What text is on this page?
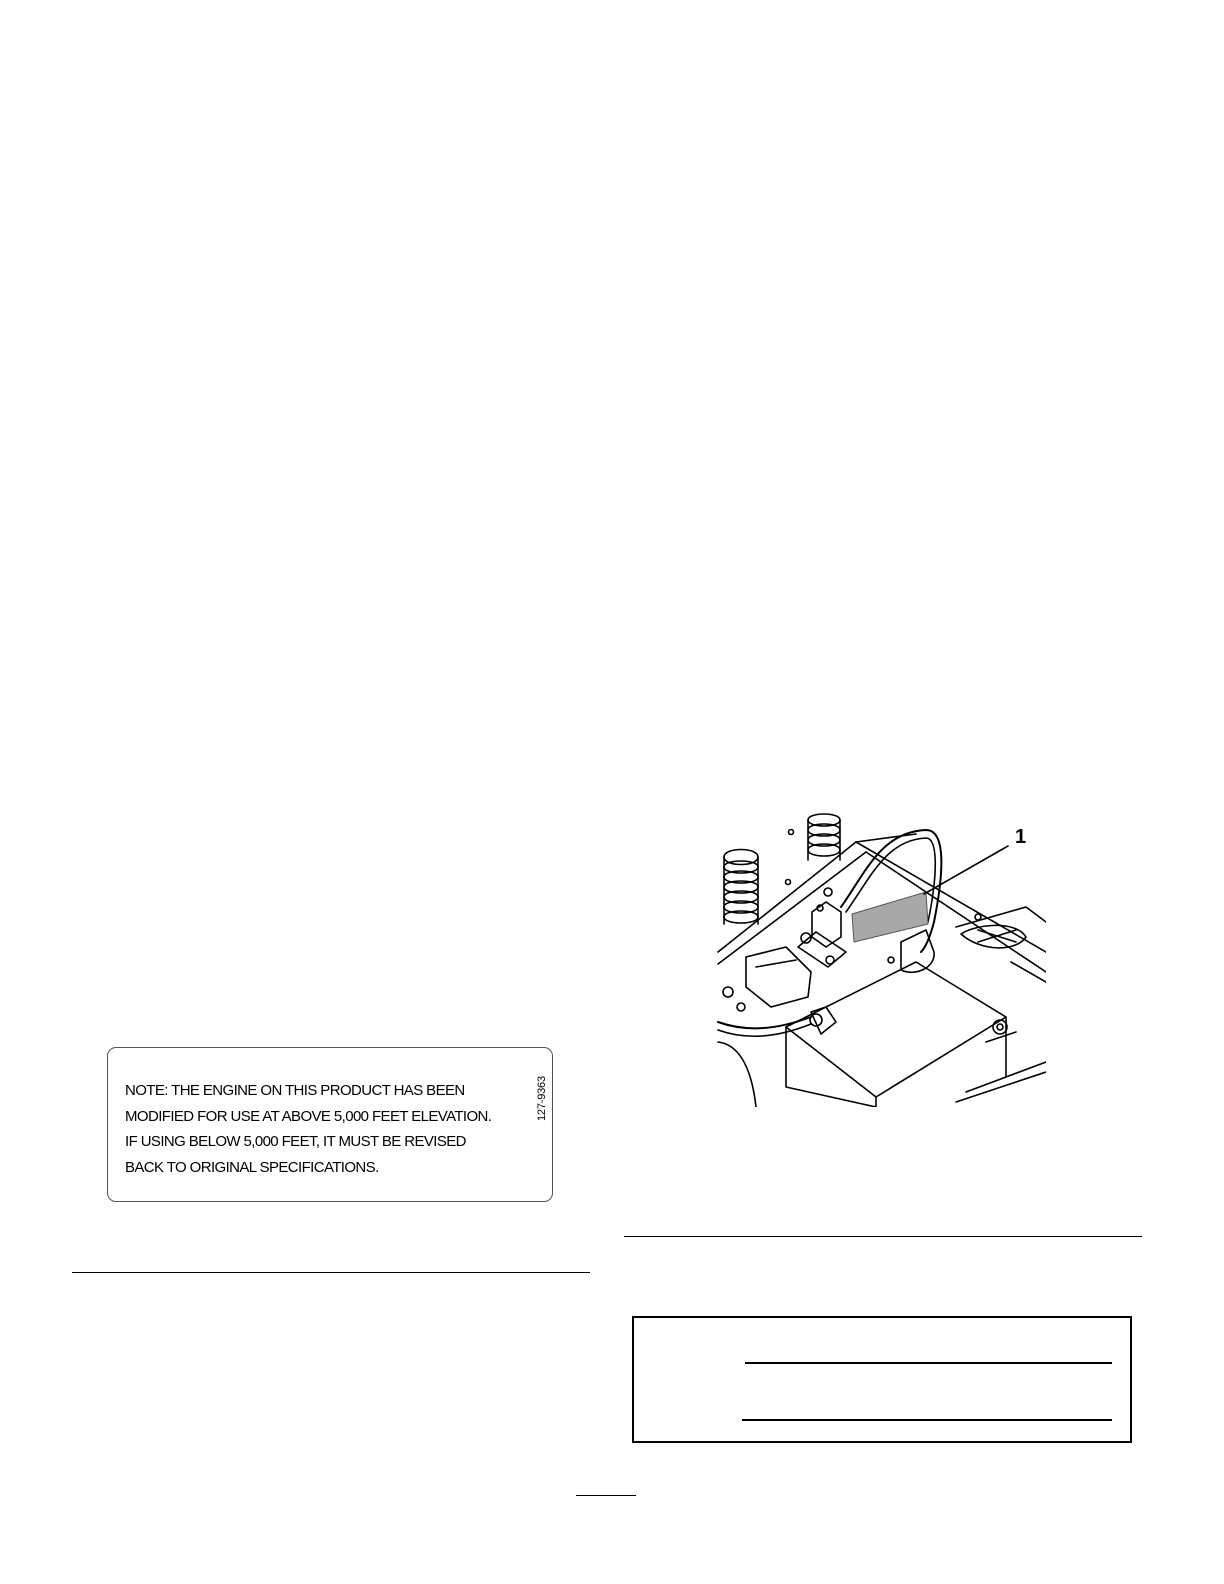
NOTE: THE ENGINE ON THIS PRODUCT HAS BEEN
MODIFIED FOR USE AT ABOVE 5,000 FEET ELEVATION.
IF USING BELOW 5,000 FEET, IT MUST BE REVISED
BACK TO ORIGINAL SPECIFICATIONS.
127-9363
1
